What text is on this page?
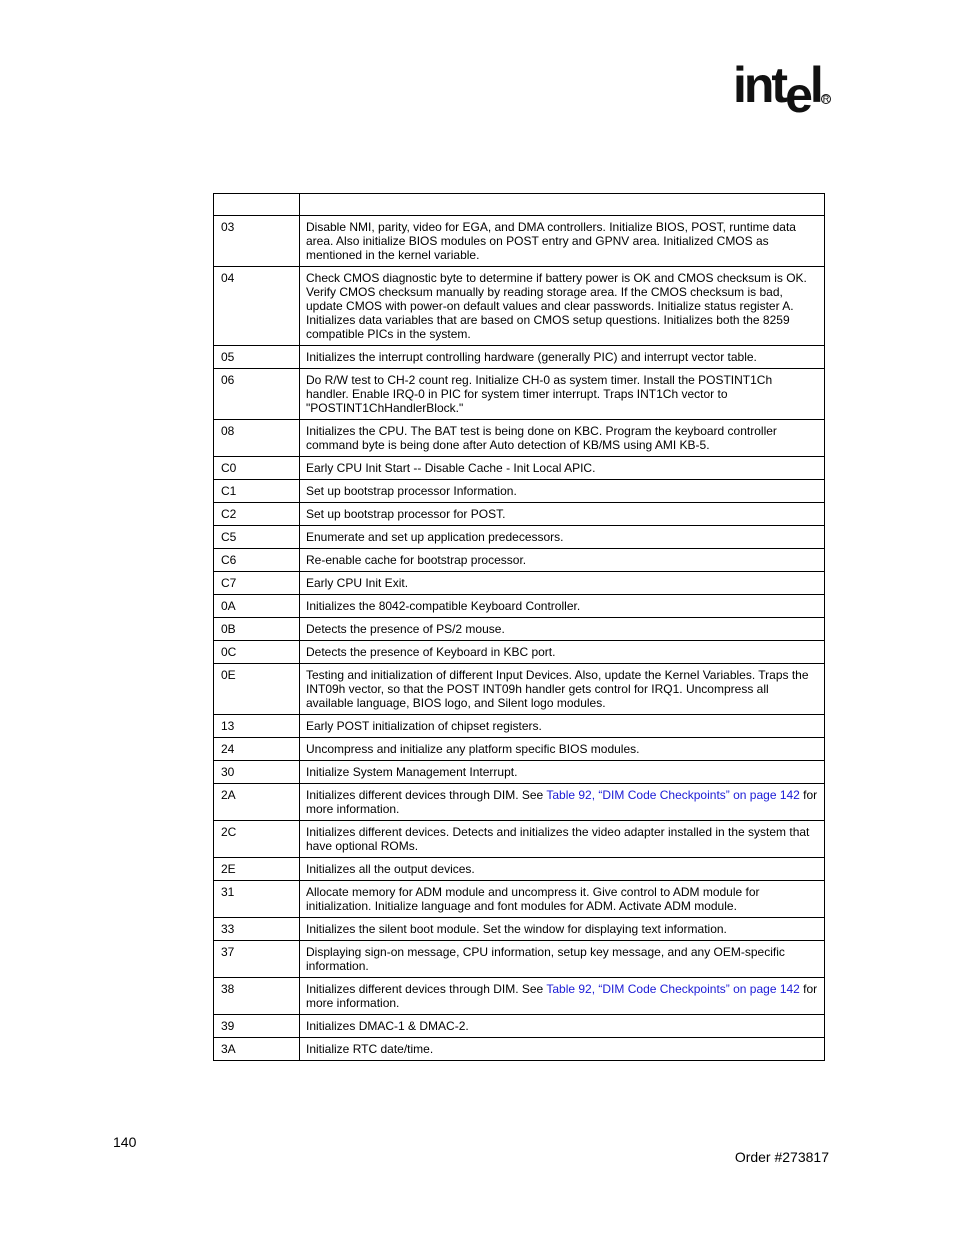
intel R

03	Disable NMI, parity, video for EGA, and DMA controllers. Initialize BIOS, POST, runtime data area. Also initialize BIOS modules on POST entry and GPNV area. Initialized CMOS as mentioned in the kernel variable.
04	Check CMOS diagnostic byte to determine if battery power is OK and CMOS checksum is OK. Verify CMOS checksum manually by reading storage area. If the CMOS checksum is bad, update CMOS with power-on default values and clear passwords. Initialize status register A. Initializes data variables that are based on CMOS setup questions. Initializes both the 8259 compatible PICs in the system.
05	Initializes the interrupt controlling hardware (generally PIC) and interrupt vector table.
06	Do R/W test to CH-2 count reg. Initialize CH-0 as system timer. Install the POSTINT1Ch handler. Enable IRQ-0 in PIC for system timer interrupt. Traps INT1Ch vector to "POSTINT1ChHandlerBlock."
08	Initializes the CPU. The BAT test is being done on KBC. Program the keyboard controller command byte is being done after Auto detection of KB/MS using AMI KB-5.
C0	Early CPU Init Start -- Disable Cache - Init Local APIC.
C1	Set up bootstrap processor Information.
C2	Set up bootstrap processor for POST.
C5	Enumerate and set up application predecessors.
C6	Re-enable cache for bootstrap processor.
C7	Early CPU Init Exit.
0A	Initializes the 8042-compatible Keyboard Controller.
0B	Detects the presence of PS/2 mouse.
0C	Detects the presence of Keyboard in KBC port.
0E	Testing and initialization of different Input Devices. Also, update the Kernel Variables. Traps the INT09h vector, so that the POST INT09h handler gets control for IRQ1. Uncompress all available language, BIOS logo, and Silent logo modules.
13	Early POST initialization of chipset registers.
24	Uncompress and initialize any platform specific BIOS modules.
30	Initialize System Management Interrupt.
2A	Initializes different devices through DIM. See Table 92, “DIM Code Checkpoints” on page 142 for more information.
2C	Initializes different devices. Detects and initializes the video adapter installed in the system that have optional ROMs.
2E	Initializes all the output devices.
31	Allocate memory for ADM module and uncompress it. Give control to ADM module for initialization. Initialize language and font modules for ADM. Activate ADM module.
33	Initializes the silent boot module. Set the window for displaying text information.
37	Displaying sign-on message, CPU information, setup key message, and any OEM-specific information.
38	Initializes different devices through DIM. See Table 92, “DIM Code Checkpoints” on page 142 for more information.
39	Initializes DMAC-1 & DMAC-2.
3A	Initialize RTC date/time.
140
Order #273817
